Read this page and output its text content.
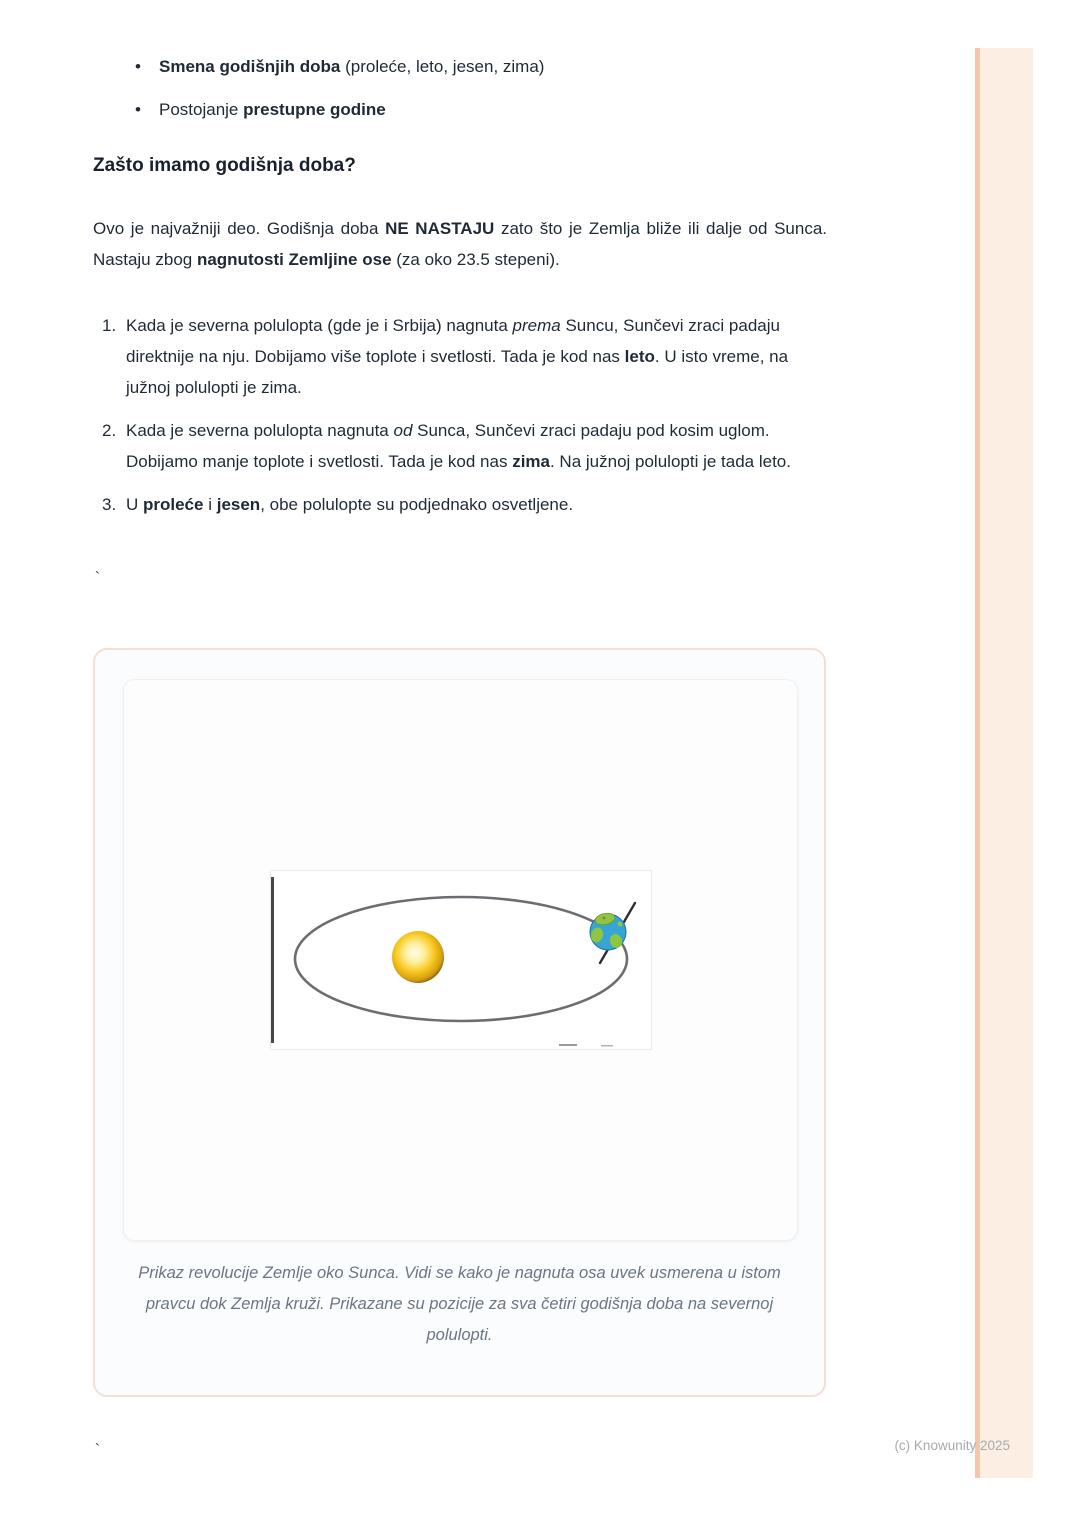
• Smena godišnjih doba (proleće, leto, jesen, zima)
• Postojanje prestupne godine
Zašto imamo godišnja doba?

Ovo je najvažniji deo. Godišnja doba NE NASTAJU zato što je Zemlja bliže ili dalje od Sunca. Nastaju zbog nagnutosti Zemljine ose (za oko 23.5 stepeni).

1. Kada je severna polulopta (gde je i Srbija) nagnuta prema Suncu, Sunčevi zraci padaju direktnije na nju. Dobijamo više toplote i svetlosti. Tada je kod nas leto. U isto vreme, na južnoj polulopti je zima.
2. Kada je severna polulopta nagnuta od Sunca, Sunčevi zraci padaju pod kosim uglom. Dobijamo manje toplote i svetlosti. Tada je kod nas zima. Na južnoj polulopti je tada leto.
3. U proleće i jesen, obe polulopte su podjednako osvetljene.
`
Prikaz revolucije Zemlje oko Sunca. Vidi se kako je nagnuta osa uvek usmerena u istom pravcu dok Zemlja kruži. Prikazane su pozicije za sva četiri godišnja doba na severnoj polulopti.
`	(c) Knowunity 2025
